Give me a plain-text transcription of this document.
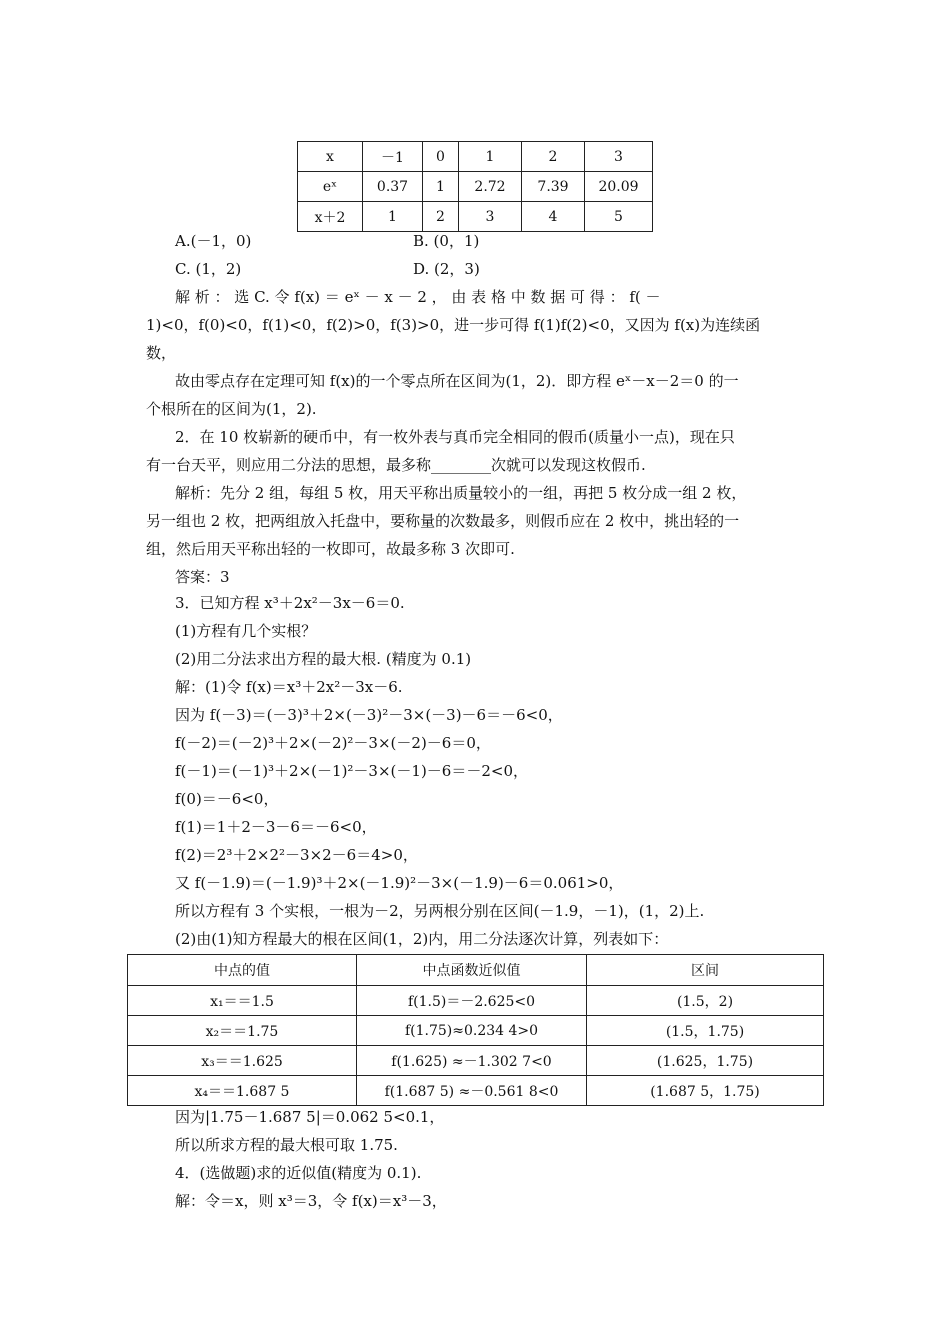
x	－1	0	1	2	3
eˣ	0.37	1	2.72	7.39	20.09
x＋2	1	2	3	4	5
A.(－1，0)	B. (0，1)
C. (1，2)	D. (2，3)
解 析 ： 选 C. 令 f(x) ＝ eˣ － x － 2 ， 由 表 格 中 数 据 可 得 ： f( －
1)<0，f(0)<0，f(1)<0，f(2)>0，f(3)>0，进一步可得 f(1)f(2)<0，又因为 f(x)为连续函
数，
故由零点存在定理可知 f(x)的一个零点所在区间为(1，2)．即方程 eˣ－x－2＝0 的一
个根所在的区间为(1，2).
2．在 10 枚崭新的硬币中，有一枚外表与真币完全相同的假币(质量小一点)，现在只
有一台天平，则应用二分法的思想，最多称________次就可以发现这枚假币.
解析：先分 2 组，每组 5 枚，用天平称出质量较小的一组，再把 5 枚分成一组 2 枚，
另一组也 2 枚，把两组放入托盘中，要称量的次数最多，则假币应在 2 枚中，挑出轻的一
组，然后用天平称出轻的一枚即可，故最多称 3 次即可.
答案：3
3．已知方程 x³＋2x²－3x－6＝0.
(1)方程有几个实根？
(2)用二分法求出方程的最大根. (精度为 0.1)
解：(1)令 f(x)＝x³＋2x²－3x－6.
因为 f(－3)＝(－3)³＋2×(－3)²－3×(－3)－6＝－6<0，
f(－2)＝(－2)³＋2×(－2)²－3×(－2)－6＝0，
f(－1)＝(－1)³＋2×(－1)²－3×(－1)－6＝－2<0，
f(0)＝－6<0，
f(1)＝1＋2－3－6＝－6<0，
f(2)＝2³＋2×2²－3×2－6＝4>0，
又 f(－1.9)＝(－1.9)³＋2×(－1.9)²－3×(－1.9)－6＝0.061>0，
所以方程有 3 个实根，一根为－2，另两根分别在区间(－1.9，－1)，(1，2)上.
(2)由(1)知方程最大的根在区间(1，2)内，用二分法逐次计算，列表如下：
中点的值	中点函数近似值	区间
x₁＝＝1.5	f(1.5)＝－2.625<0	(1.5，2)
x₂＝＝1.75	f(1.75)≈0.234 4>0	(1.5，1.75)
x₃＝＝1.625	f(1.625) ≈－1.302 7<0	(1.625，1.75)
x₄＝＝1.687 5	f(1.687 5) ≈－0.561 8<0	(1.687 5，1.75)
因为|1.75－1.687 5|＝0.062 5<0.1，
所以所求方程的最大根可取 1.75.
4．(选做题)求的近似值(精度为 0.1).
解：令＝x，则 x³＝3，令 f(x)＝x³－3，
